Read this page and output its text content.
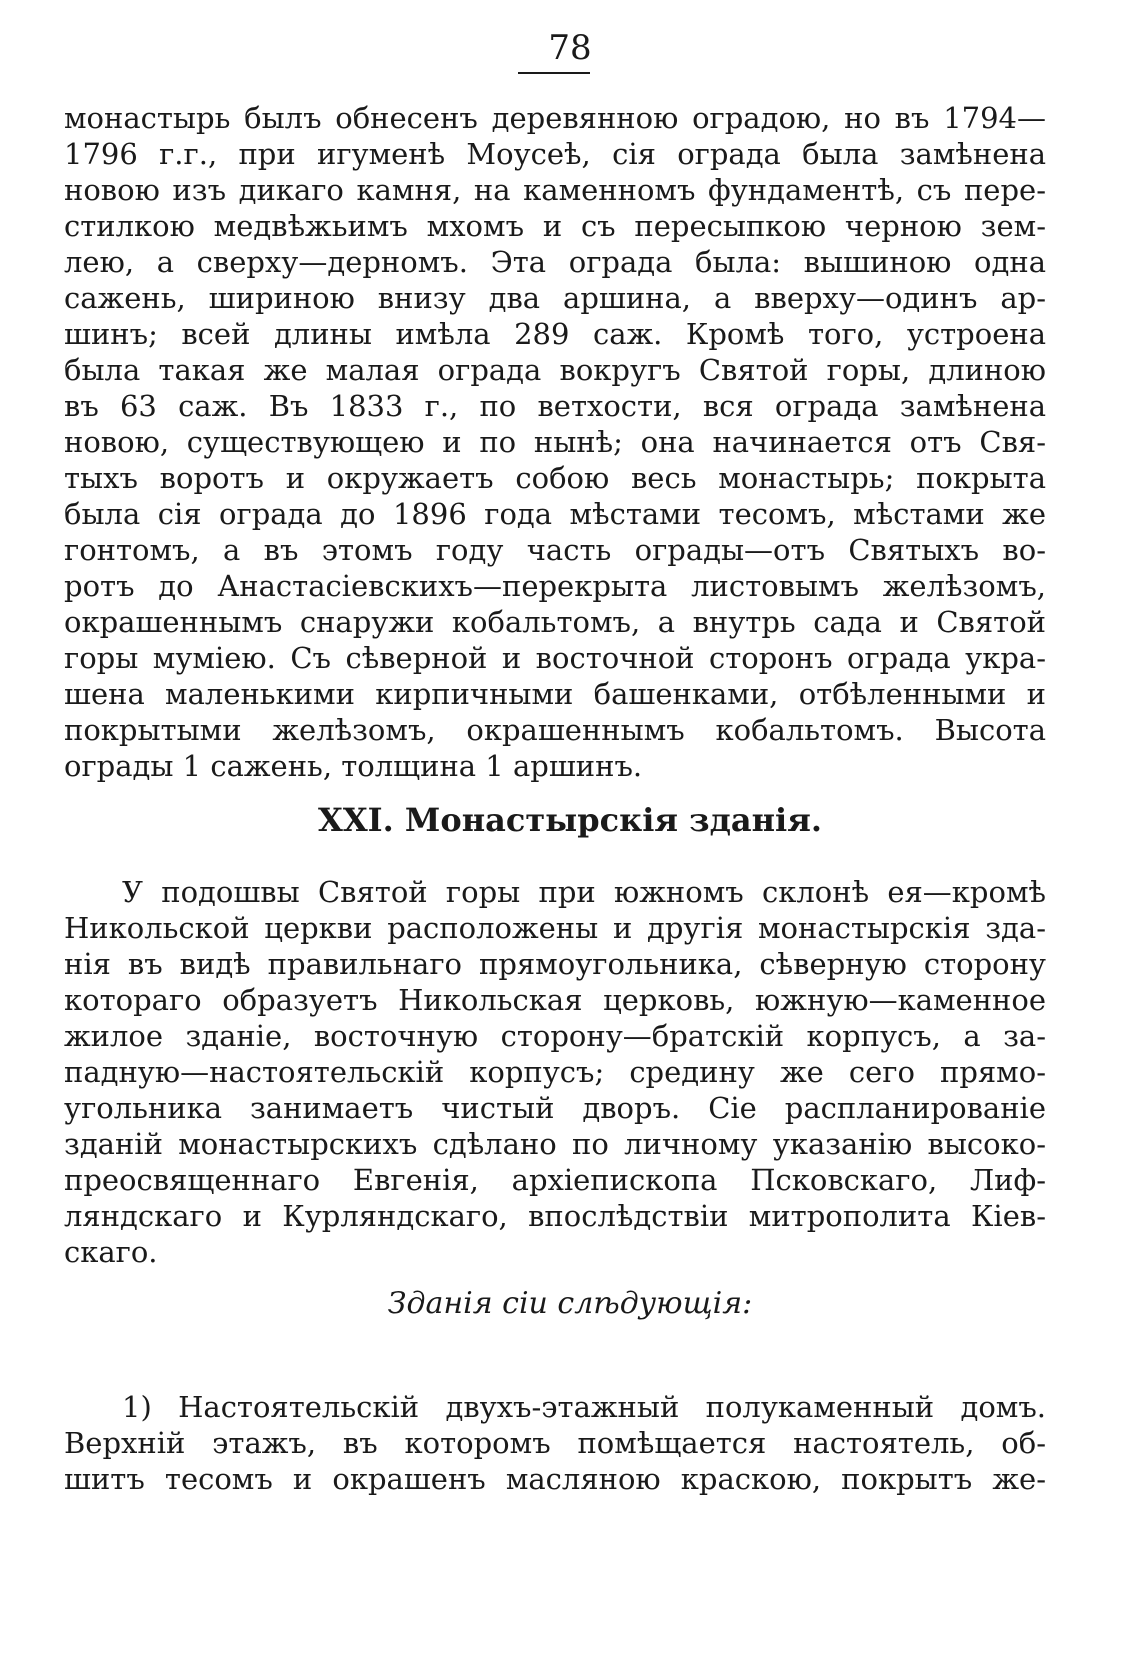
78
монастырь былъ обнесенъ деревянною оградою, но въ 1794—
1796 г.г., при игуменѣ Моусеѣ, сія ограда была замѣнена
новою изъ дикаго камня, на каменномъ фундаментѣ, съ пере-
стилкою медвѣжьимъ мхомъ и съ пересыпкою черною зем-
лею, а сверху—дерномъ. Эта ограда была: вышиною одна
сажень, шириною внизу два аршина, а вверху—одинъ ар-
шинъ; всей длины имѣла 289 саж. Кромѣ того, устроена
была такая же малая ограда вокругъ Святой горы, длиною
въ 63 саж. Въ 1833 г., по ветхости, вся ограда замѣнена
новою, существующею и по нынѣ; она начинается отъ Свя-
тыхъ воротъ и окружаетъ собою весь монастырь; покрыта
была сія ограда до 1896 года мѣстами тесомъ, мѣстами же
гонтомъ, а въ этомъ году часть ограды—отъ Святыхъ во-
ротъ до Анастасіевскихъ—перекрыта листовымъ желѣзомъ,
окрашеннымъ снаружи кобальтомъ, а внутрь сада и Святой
горы муміею. Съ сѣверной и восточной сторонъ ограда укра-
шена маленькими кирпичными башенками, отбѣленными и
покрытыми желѣзомъ, окрашеннымъ кобальтомъ. Высота
ограды 1 сажень, толщина 1 аршинъ.
XXI. Монастырскія зданія.
У подошвы Святой горы при южномъ склонѣ ея—кромѣ
Никольской церкви расположены и другія монастырскія зда-
нія въ видѣ правильнаго прямоугольника, сѣверную сторону
котораго образуетъ Никольская церковь, южную—каменное
жилое зданіе, восточную сторону—братскій корпусъ, а за-
падную—настоятельскій корпусъ; средину же сего прямо-
угольника занимаетъ чистый дворъ. Сіе распланированіе
зданій монастырскихъ сдѣлано по личному указанію высоко-
преосвященнаго Евгенія, архіепископа Псковскаго, Лиф-
ляндскаго и Курляндскаго, впослѣдствіи митрополита Кіев-
скаго.
Зданія сіи слѣдующія:
1) Настоятельскій двухъ-этажный полукаменный домъ.
Верхній этажъ, въ которомъ помѣщается настоятель, об-
шитъ тесомъ и окрашенъ масляною краскою, покрытъ же-
